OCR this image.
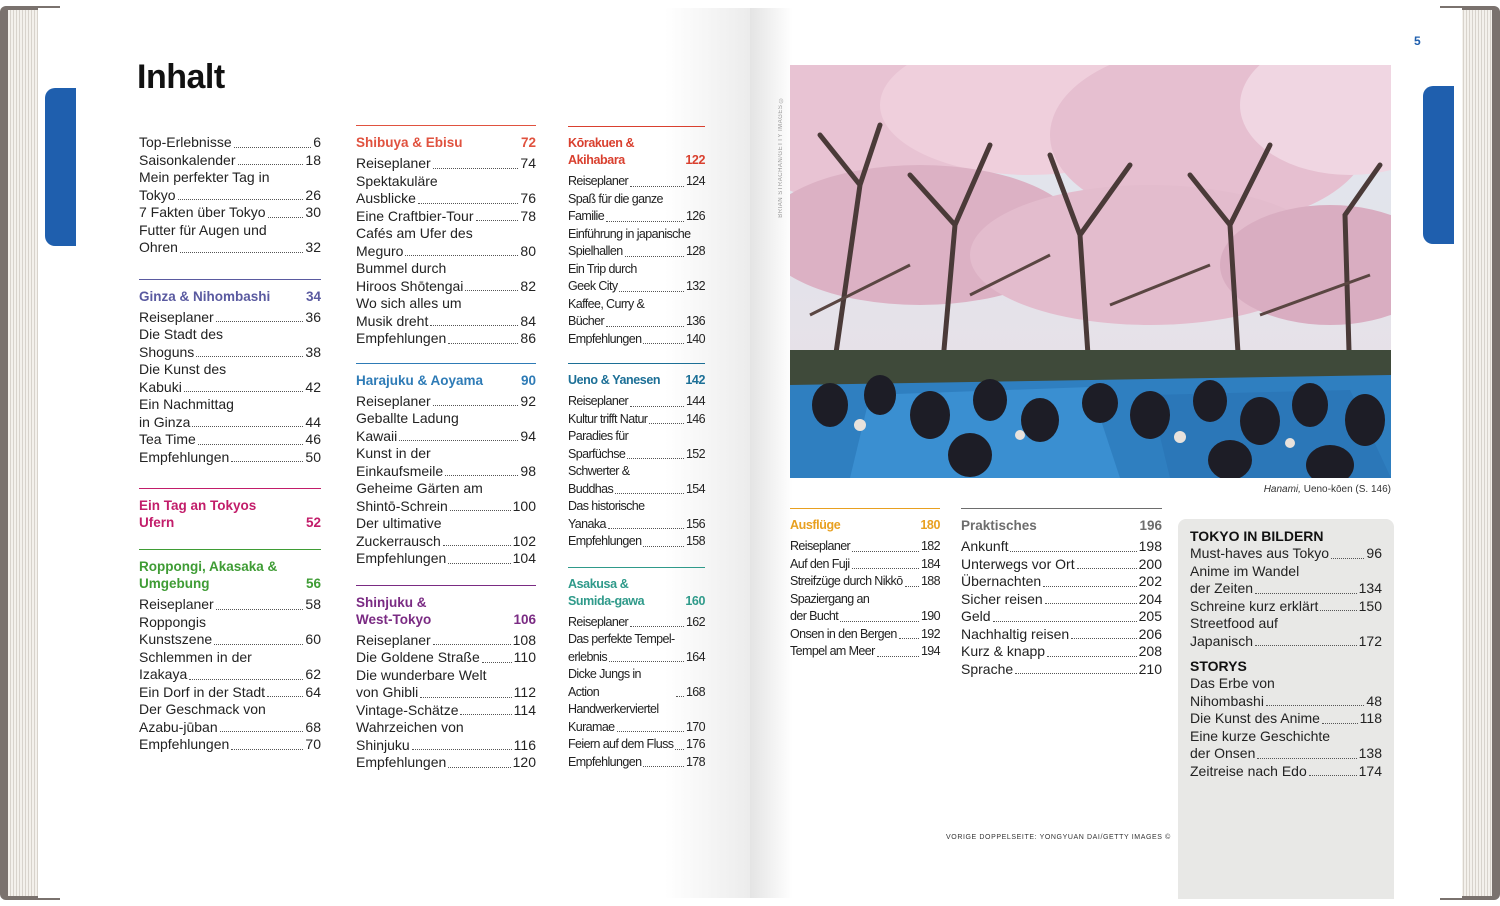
Inhalt
5
Top-Erlebnisse	6
Saisonkalender	18
Mein perfekter Tag in
Tokyo	26
7 Fakten über Tokyo	30
Futter für Augen und
Ohren	32
Ginza & Nihombashi	34
Reiseplaner	36
Die Stadt des
Shoguns	38
Die Kunst des
Kabuki	42
Ein Nachmittag
in Ginza	44
Tea Time	46
Empfehlungen	50
Ein Tag an Tokyos
Ufern	52
Roppongi, Akasaka &
Umgebung	56
Reiseplaner	58
Roppongis
Kunstszene	60
Schlemmen in der
Izakaya	62
Ein Dorf in der Stadt	64
Der Geschmack von
Azabu-jūban	68
Empfehlungen	70
Shibuya & Ebisu	72
Reiseplaner	74
Spektakuläre
Ausblicke	76
Eine Craftbier-Tour	78
Cafés am Ufer des
Meguro	80
Bummel durch
Hiroos Shōtengai	82
Wo sich alles um
Musik dreht	84
Empfehlungen	86
Harajuku & Aoyama	90
Reiseplaner	92
Geballte Ladung
Kawaii	94
Kunst in der
Einkaufsmeile	98
Geheime Gärten am
Shintō-Schrein	100
Der ultimative
Zuckerrausch	102
Empfehlungen	104
Shinjuku &
West-Tokyo	106
Reiseplaner	108
Die Goldene Straße 110
Die wunderbare Welt
von Ghibli	112
Vintage-Schätze	114
Wahrzeichen von
Shinjuku	116
Empfehlungen	120
Kōrakuen &
Akihabara	122
Reiseplaner	124
Spaß für die ganze
Familie	126
Einführung in japanische
Spielhallen	128
Ein Trip durch
Geek City	132
Kaffee, Curry &
Bücher	136
Empfehlungen	140
Ueno & Yanesen 142
Reiseplaner	144
Kultur trifft Natur	146
Paradies für
Sparfüchse	152
Schwerter &
Buddhas	154
Das historische
Yanaka	156
Empfehlungen	158
Asakusa &
Sumida-gawa	160
Reiseplaner	162
Das perfekte Tempel-
erlebnis	164
Dicke Jungs in Action	168
Handwerkerviertel
Kuramae	170
Feiern auf dem Fluss 176
Empfehlungen	178
BRIAN STRACHAN/GETTY IMAGES ©
Hanami, Ueno-kōen (S. 146)
Ausflüge	180
Reiseplaner	182
Auf den Fuji	184
Streifzüge durch Nikkō 188
Spaziergang an
der Bucht	190
Onsen in den Bergen 192
Tempel am Meer	194
Praktisches	196
Ankunft	198
Unterwegs vor Ort	200
Übernachten	202
Sicher reisen	204
Geld	205
Nachhaltig reisen	206
Kurz & knapp	208
Sprache	210
TOKYO IN BILDERN
Must-haves aus Tokyo	96
Anime im Wandel
der Zeiten	134
Schreine kurz erklärt	150
Streetfood auf
Japanisch	172
STORYS
Das Erbe von
Nihombashi	48
Die Kunst des Anime	118
Eine kurze Geschichte
der Onsen	138
Zeitreise nach Edo	174
VORIGE DOPPELSEITE: YONGYUAN DAI/GETTY IMAGES ©
